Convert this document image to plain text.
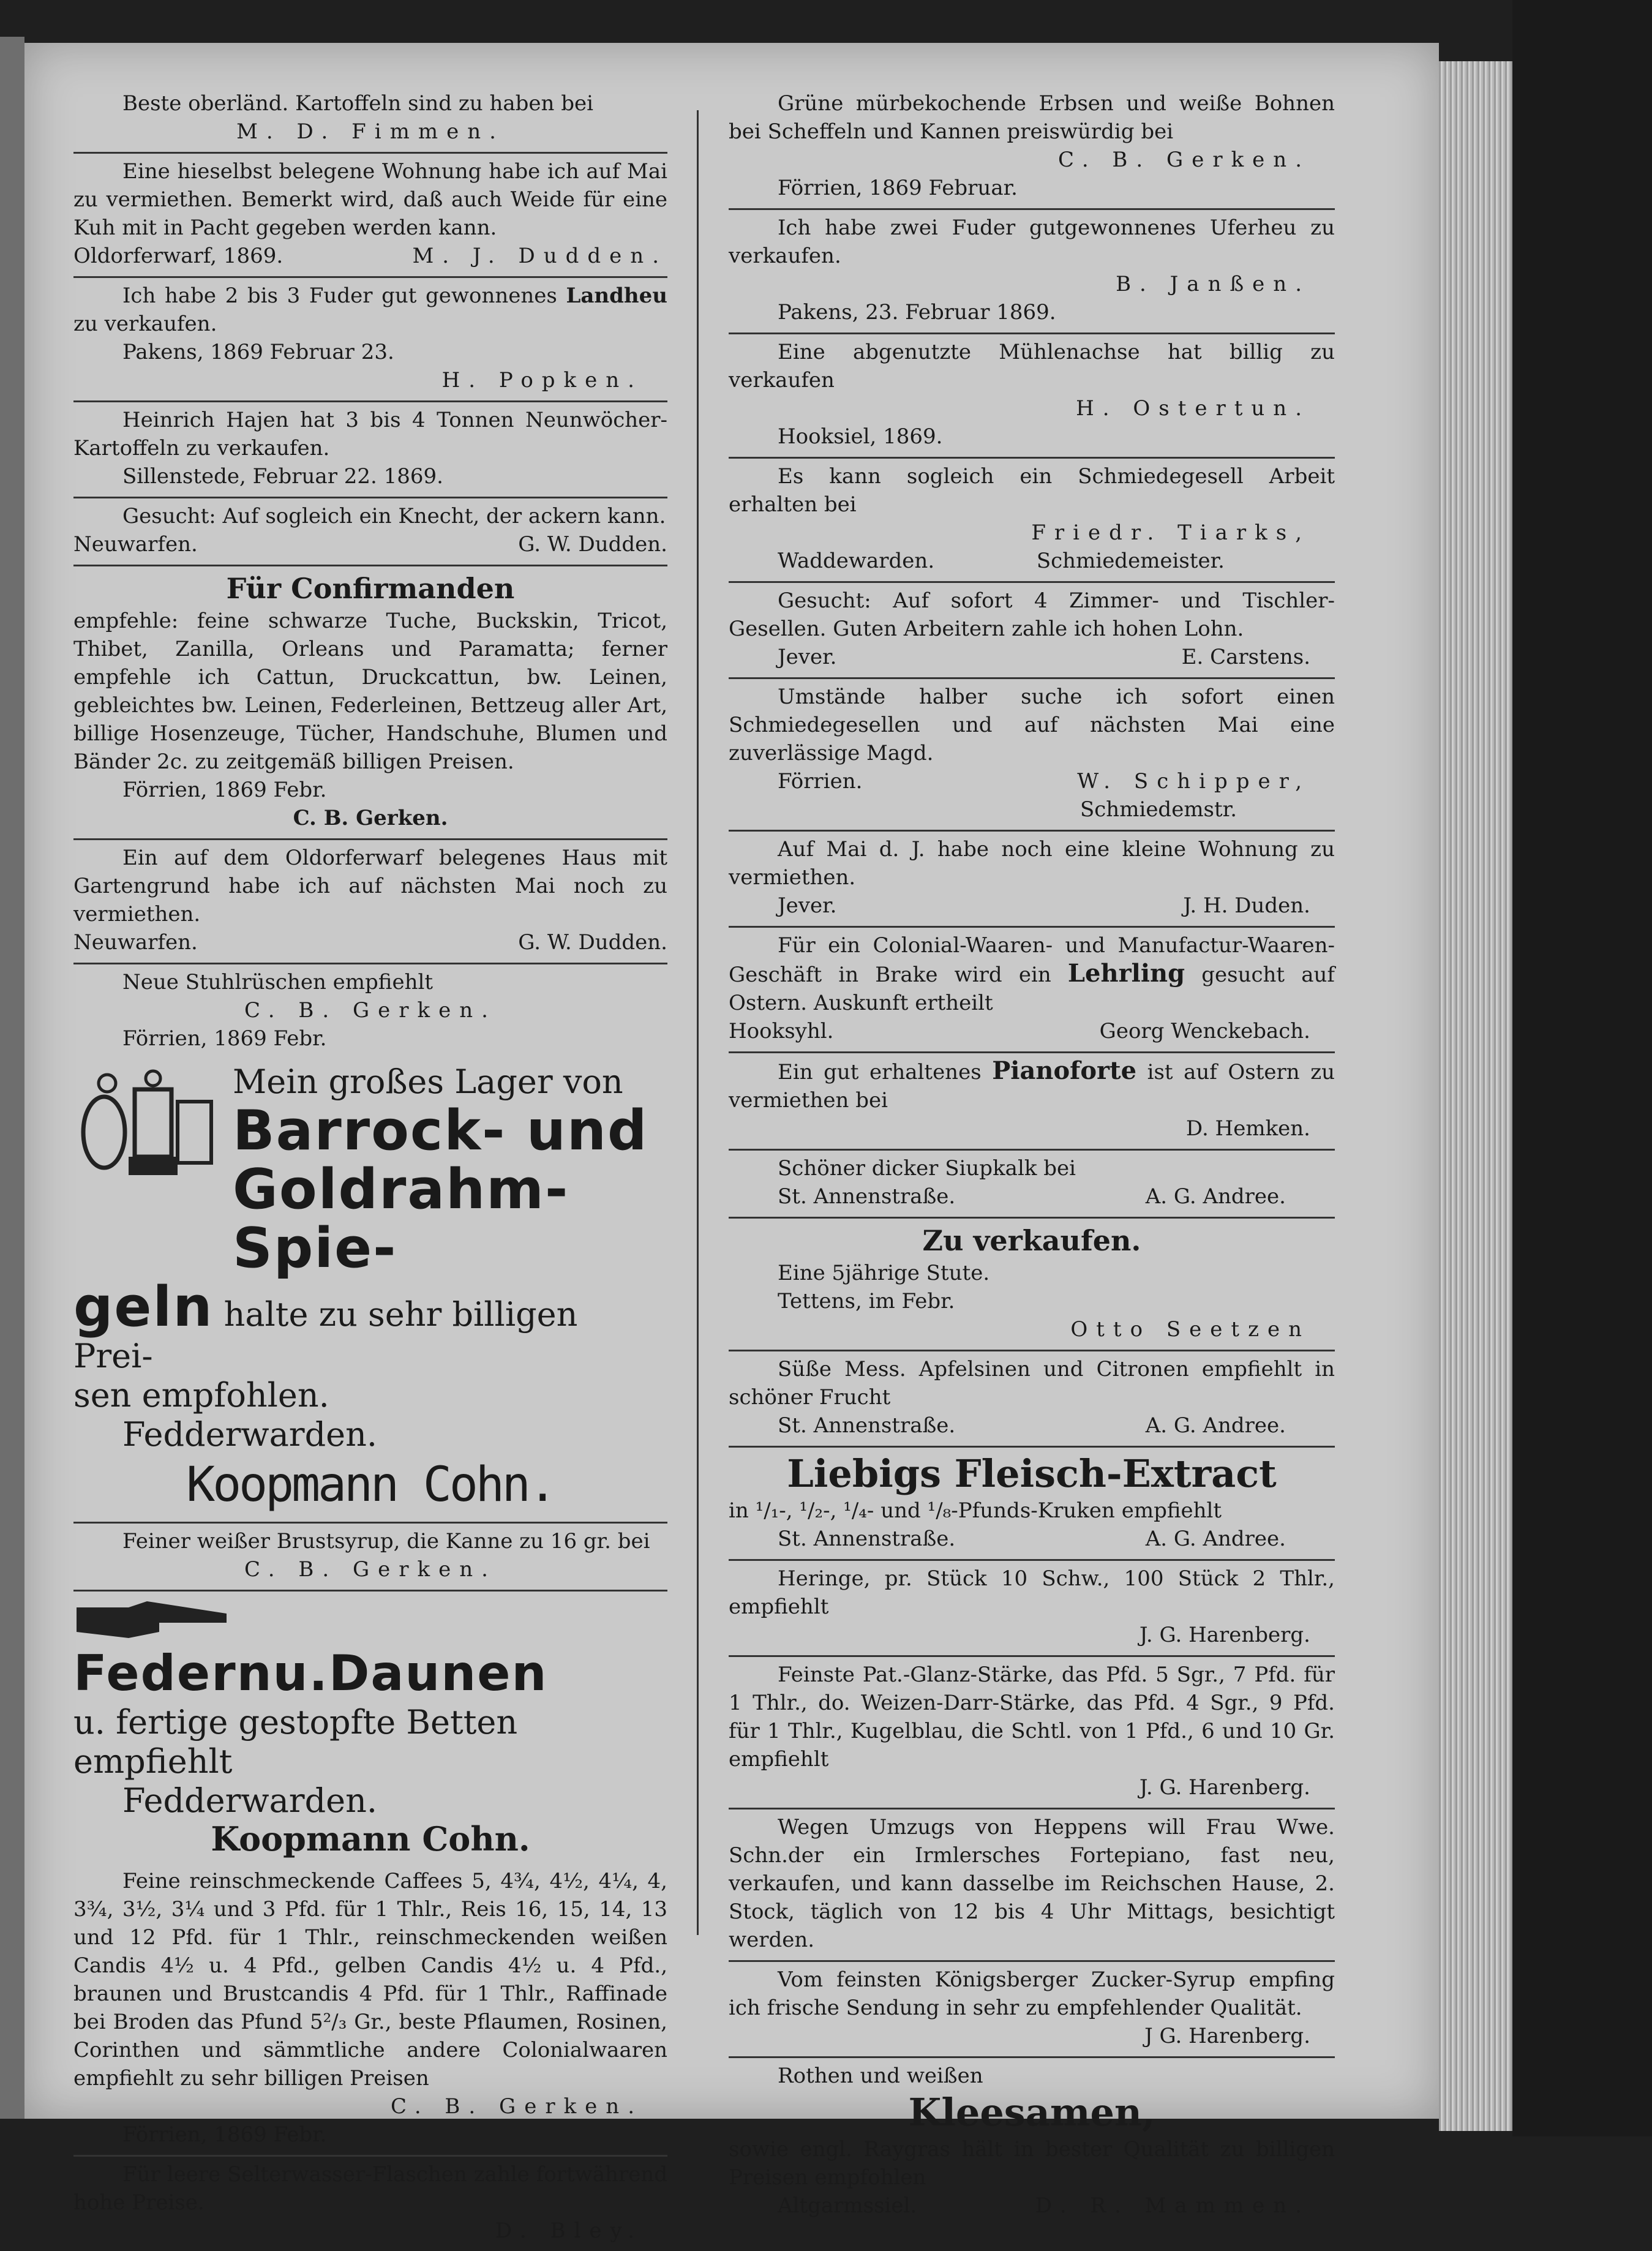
Beste oberländ. Kartoffeln sind zu haben bei
M. D. Fimmen.
Eine hieselbst belegene Wohnung habe ich auf Mai zu vermiethen. Bemerkt wird, daß auch Weide für eine Kuh mit in Pacht gegeben werden kann.
Oldorferwarf, 1869.	M. J. Dudden.
Ich habe 2 bis 3 Fuder gut gewonnenes Landheu zu verkaufen.
Pakens, 1869 Februar 23.
H. Popken.
Heinrich Hajen hat 3 bis 4 Tonnen Neunwöcher-Kartoffeln zu verkaufen.
Sillenstede, Februar 22. 1869.
Gesucht: Auf sogleich ein Knecht, der ackern kann.
Neuwarfen.	G. W. Dudden.
Für Confirmanden
empfehle: feine schwarze Tuche, Buckskin, Tricot, Thibet, Zanilla, Orleans und Paramatta; ferner empfehle ich Cattun, Druckcattun, bw. Leinen, gebleichtes bw. Leinen, Federleinen, Bettzeug aller Art, billige Hosenzeuge, Tücher, Handschuhe, Blumen und Bänder 2c. zu zeitgemäß billigen Preisen.
Förrien, 1869 Febr.
C. B. Gerken.
Ein auf dem Oldorferwarf belegenes Haus mit Gartengrund habe ich auf nächsten Mai noch zu vermiethen.
Neuwarfen.	G. W. Dudden.
Neue Stuhlrüschen empfiehlt
C. B. Gerken.
Förrien, 1869 Febr.
Mein großes Lager von
Barrock- und
Goldrahm-Spie-
geln halte zu sehr billigen Prei-
sen empfohlen.
Fedderwarden.
Koopmann Cohn.
Feiner weißer Brustsyrup, die Kanne zu 16 gr. bei
C. B. Gerken.
Federnu.Daunen
u. fertige gestopfte Betten empfiehlt
Fedderwarden.
Koopmann Cohn.
Feine reinschmeckende Caffees 5, 4¾, 4½, 4¼, 4, 3¾, 3½, 3¼ und 3 Pfd. für 1 Thlr., Reis 16, 15, 14, 13 und 12 Pfd. für 1 Thlr., reinschmeckenden weißen Candis 4½ u. 4 Pfd., gelben Candis 4½ u. 4 Pfd., braunen und Brustcandis 4 Pfd. für 1 Thlr., Raffinade bei Broden das Pfund 5²/₃ Gr., beste Pflaumen, Rosinen, Corinthen und sämmtliche andere Colonialwaaren empfiehlt zu sehr billigen Preisen
C. B. Gerken.
Förrien, 1869 Febr.
Für leere Selterwasser-Flaschen zahle fortwährend hohe Preise.
D. Bley.
Grüne mürbekochende Erbsen und weiße Bohnen bei Scheffeln und Kannen preiswürdig bei
C. B. Gerken.
Förrien, 1869 Februar.
Ich habe zwei Fuder gutgewonnenes Uferheu zu verkaufen.
B. Janßen.
Pakens, 23. Februar 1869.
Eine abgenutzte Mühlenachse hat billig zu verkaufen
H. Ostertun.
Hooksiel, 1869.
Es kann sogleich ein Schmiedegesell Arbeit erhalten bei
Friedr. Tiarks,
Waddewarden.	Schmiedemeister.
Gesucht: Auf sofort 4 Zimmer- und Tischler-Gesellen. Guten Arbeitern zahle ich hohen Lohn.
Jever.	E. Carstens.
Umstände halber suche ich sofort einen Schmiedegesellen und auf nächsten Mai eine zuverlässige Magd.
Förrien.	W. Schipper,
Schmiedemstr.
Auf Mai d. J. habe noch eine kleine Wohnung zu vermiethen.
Jever.	J. H. Duden.
Für ein Colonial-Waaren- und Manufactur-Waaren-Geschäft in Brake wird ein Lehrling gesucht auf Ostern. Auskunft ertheilt
Hooksyhl.	Georg Wenckebach.
Ein gut erhaltenes Pianoforte ist auf Ostern zu vermiethen bei
D. Hemken.
Schöner dicker Siupkalk bei
St. Annenstraße.	A. G. Andree.
Zu verkaufen.
Eine 5jährige Stute.
Tettens, im Febr.
Otto Seetzen
Süße Mess. Apfelsinen und Citronen empfiehlt in schöner Frucht
St. Annenstraße.	A. G. Andree.
Liebigs Fleisch-Extract
in ¹/₁-, ¹/₂-, ¹/₄- und ¹/₈-Pfunds-Kruken empfiehlt
St. Annenstraße.	A. G. Andree.
Heringe, pr. Stück 10 Schw., 100 Stück 2 Thlr., empfiehlt
J. G. Harenberg.
Feinste Pat.-Glanz-Stärke, das Pfd. 5 Sgr., 7 Pfd. für 1 Thlr., do. Weizen-Darr-Stärke, das Pfd. 4 Sgr., 9 Pfd. für 1 Thlr., Kugelblau, die Schtl. von 1 Pfd., 6 und 10 Gr. empfiehlt
J. G. Harenberg.
Wegen Umzugs von Heppens will Frau Wwe. Schn.der ein Irmlersches Fortepiano, fast neu, verkaufen, und kann dasselbe im Reichschen Hause, 2. Stock, täglich von 12 bis 4 Uhr Mittags, besichtigt werden.
Vom feinsten Königsberger Zucker-Syrup empfing ich frische Sendung in sehr zu empfehlender Qualität.
J G. Harenberg.
Rothen und weißen
Kleesamen,
sowie engl. Raygras hält in bester Qualität zu billigen Preisen empfohlen
Altgarmssiel.	D. R. Mammen.
